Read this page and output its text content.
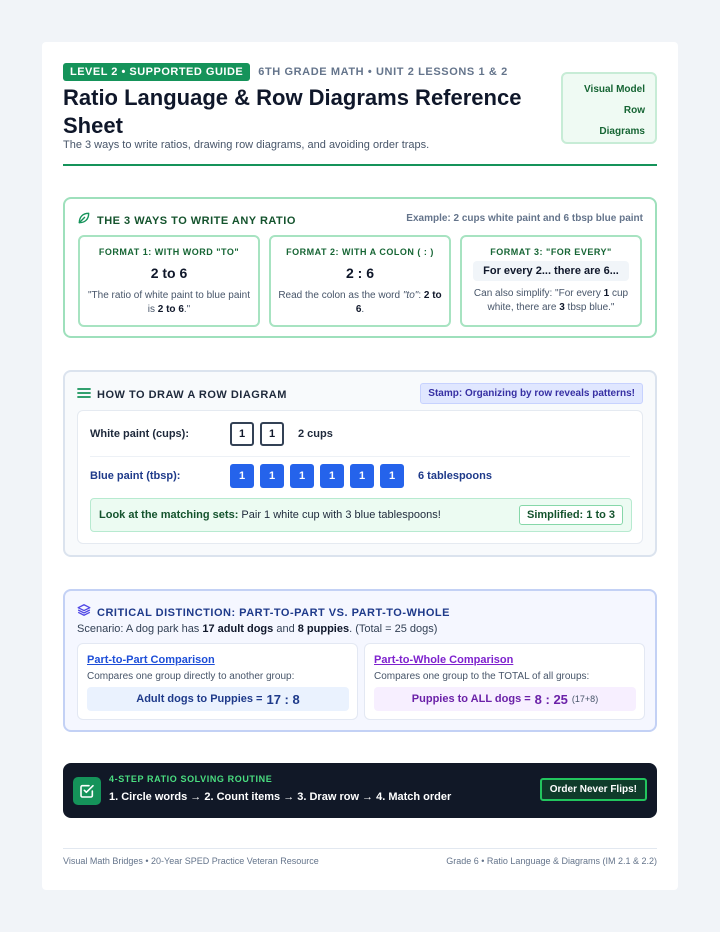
LEVEL 2 • SUPPORTED GUIDE	6TH GRADE MATH • UNIT 2 LESSONS 1 & 2
Ratio Language & Row Diagrams Reference Sheet
The 3 ways to write ratios, drawing row diagrams, and avoiding order traps.
Visual Model
Row
Diagrams
THE 3 WAYS TO WRITE ANY RATIO	Example: 2 cups white paint and 6 tbsp blue paint
FORMAT 1: WITH WORD "TO"
2 to 6
"The ratio of white paint to blue paint is 2 to 6."
FORMAT 2: WITH A COLON ( : )
2 : 6
Read the colon as the word "to": 2 to 6.
FORMAT 3: "FOR EVERY"
For every 2... there are 6...
Can also simplify: "For every 1 cup white, there are 3 tbsp blue."
HOW TO DRAW A ROW DIAGRAM	Stamp: Organizing by row reveals patterns!
White paint (cups):	1	1	2 cups
Blue paint (tbsp):	1	1	1	1	1	1	6 tablespoons
Look at the matching sets: Pair 1 white cup with 3 blue tablespoons!	Simplified: 1 to 3
CRITICAL DISTINCTION: PART-TO-PART VS. PART-TO-WHOLE
Scenario: A dog park has 17 adult dogs and 8 puppies. (Total = 25 dogs)
Part-to-Part Comparison
Compares one group directly to another group:
Adult dogs to Puppies = 17 : 8
Part-to-Whole Comparison
Compares one group to the TOTAL of all groups:
Puppies to ALL dogs = 8 : 25 (17+8)
4-STEP RATIO SOLVING ROUTINE
1. Circle words → 2. Count items → 3. Draw row → 4. Match order
Order Never Flips!
Visual Math Bridges • 20-Year SPED Practice Veteran Resource	Grade 6 • Ratio Language & Diagrams (IM 2.1 & 2.2)
